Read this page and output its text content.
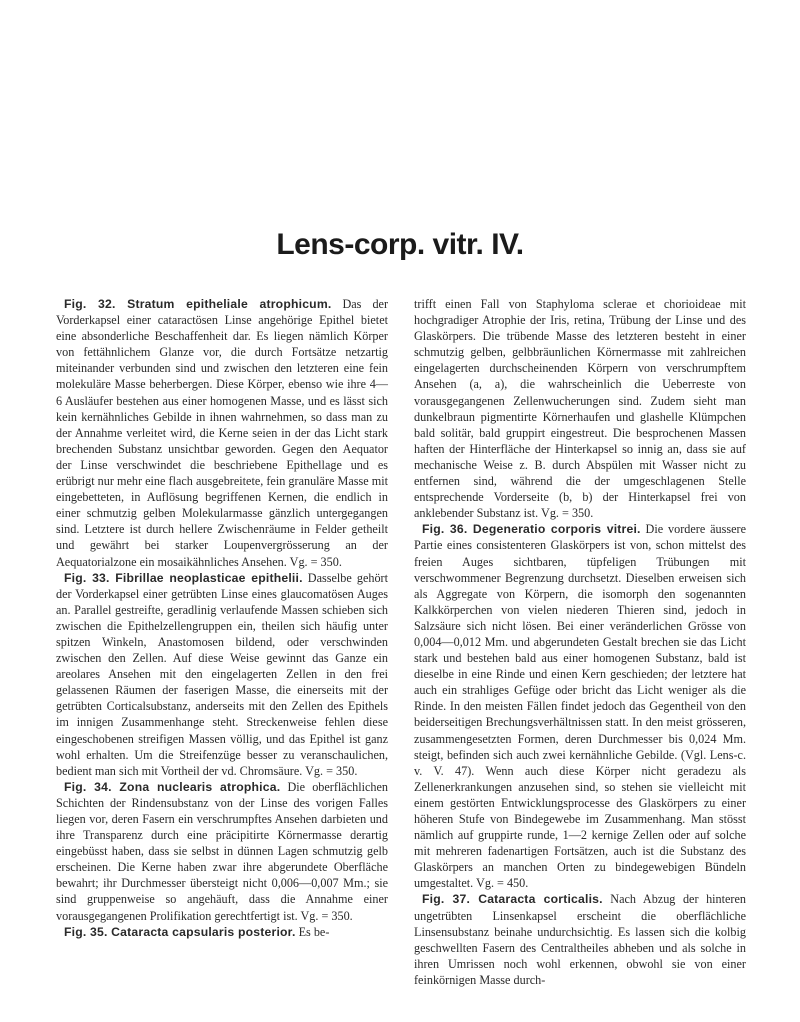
Lens-corp. vitr. IV.

Fig. 32. Stratum epitheliale atrophicum. Das der Vorderkapsel einer cataractösen Linse angehörige Epithel bietet eine absonderliche Beschaffenheit dar. Es liegen nämlich Körper von fettähnlichem Glanze vor, die durch Fortsätze netzartig miteinander verbunden sind und zwischen den letzteren eine fein molekuläre Masse beherbergen. Diese Körper, ebenso wie ihre 4—6 Ausläufer bestehen aus einer homogenen Masse, und es lässt sich kein kernähnliches Gebilde in ihnen wahrnehmen, so dass man zu der Annahme verleitet wird, die Kerne seien in der das Licht stark brechenden Substanz unsichtbar geworden. Gegen den Aequator der Linse verschwindet die beschriebene Epithellage und es erübrigt nur mehr eine flach ausgebreitete, fein granuläre Masse mit eingebetteten, in Auflösung begriffenen Kernen, die endlich in einer schmutzig gelben Molekularmasse gänzlich untergegangen sind. Letztere ist durch hellere Zwischenräume in Felder getheilt und gewährt bei starker Loupenvergrösserung an der Aequatorialzone ein mosaikähnliches Ansehen. Vg. = 350.

Fig. 33. Fibrillae neoplasticae epithelii. Dasselbe gehört der Vorderkapsel einer getrübten Linse eines glaucomatösen Auges an. Parallel gestreifte, geradlinig verlaufende Massen schieben sich zwischen die Epithelzellengruppen ein, theilen sich häufig unter spitzen Winkeln, Anastomosen bildend, oder verschwinden zwischen den Zellen. Auf diese Weise gewinnt das Ganze ein areolares Ansehen mit den eingelagerten Zellen in den frei gelassenen Räumen der faserigen Masse, die einerseits mit der getrübten Corticalsubstanz, anderseits mit den Zellen des Epithels im innigen Zusammenhange steht. Streckenweise fehlen diese eingeschobenen streifigen Massen völlig, und das Epithel ist ganz wohl erhalten. Um die Streifenzüge besser zu veranschaulichen, bedient man sich mit Vortheil der vd. Chromsäure. Vg. = 350.

Fig. 34. Zona nuclearis atrophica. Die oberflächlichen Schichten der Rindensubstanz von der Linse des vorigen Falles liegen vor, deren Fasern ein verschrumpftes Ansehen darbieten und ihre Transparenz durch eine präcipitirte Körnermasse derartig eingebüsst haben, dass sie selbst in dünnen Lagen schmutzig gelb erscheinen. Die Kerne haben zwar ihre abgerundete Oberfläche bewahrt; ihr Durchmesser übersteigt nicht 0,006—0,007 Mm.; sie sind gruppenweise so angehäuft, dass die Annahme einer vorausgegangenen Prolifikation gerechtfertigt ist. Vg. = 350.

Fig. 35. Cataracta capsularis posterior. Es be-

trifft einen Fall von Staphyloma sclerae et chorioideae mit hochgradiger Atrophie der Iris, retina, Trübung der Linse und des Glaskörpers. Die trübende Masse des letzteren besteht in einer schmutzig gelben, gelbbräunlichen Körnermasse mit zahlreichen eingelagerten durchscheinenden Körpern von verschrumpftem Ansehen (a, a), die wahrscheinlich die Ueberreste von vorausgegangenen Zellenwucherungen sind. Zudem sieht man dunkelbraun pigmentirte Körnerhaufen und glashelle Klümpchen bald solitär, bald gruppirt eingestreut. Die besprochenen Massen haften der Hinterfläche der Hinterkapsel so innig an, dass sie auf mechanische Weise z. B. durch Abspülen mit Wasser nicht zu entfernen sind, während die der umgeschlagenen Stelle entsprechende Vorderseite (b, b) der Hinterkapsel frei von anklebender Substanz ist. Vg. = 350.

Fig. 36. Degeneratio corporis vitrei. Die vordere äussere Partie eines consistenteren Glaskörpers ist von, schon mittelst des freien Auges sichtbaren, tüpfeligen Trübungen mit verschwommener Begrenzung durchsetzt. Dieselben erweisen sich als Aggregate von Körpern, die isomorph den sogenannten Kalkkörperchen von vielen niederen Thieren sind, jedoch in Salzsäure sich nicht lösen. Bei einer veränderlichen Grösse von 0,004—0,012 Mm. und abgerundeten Gestalt brechen sie das Licht stark und bestehen bald aus einer homogenen Substanz, bald ist dieselbe in eine Rinde und einen Kern geschieden; der letztere hat auch ein strahliges Gefüge oder bricht das Licht weniger als die Rinde. In den meisten Fällen findet jedoch das Gegentheil von den beiderseitigen Brechungsverhältnissen statt. In den meist grösseren, zusammengesetzten Formen, deren Durchmesser bis 0,024 Mm. steigt, befinden sich auch zwei kernähnliche Gebilde. (Vgl. Lens-c. v. V. 47). Wenn auch diese Körper nicht geradezu als Zellenerkrankungen anzusehen sind, so stehen sie vielleicht mit einem gestörten Entwicklungsprocesse des Glaskörpers zu einer höheren Stufe von Bindegewebe im Zusammenhang. Man stösst nämlich auf gruppirte runde, 1—2 kernige Zellen oder auf solche mit mehreren fadenartigen Fortsätzen, auch ist die Substanz des Glaskörpers an manchen Orten zu bindegewebigen Bündeln umgestaltet. Vg. = 450.

Fig. 37. Cataracta corticalis. Nach Abzug der hinteren ungetrübten Linsenkapsel erscheint die oberflächliche Linsensubstanz beinahe undurchsichtig. Es lassen sich die kolbig geschwellten Fasern des Centraltheiles abheben und als solche in ihren Umrissen noch wohl erkennen, obwohl sie von einer feinkörnigen Masse durch-
